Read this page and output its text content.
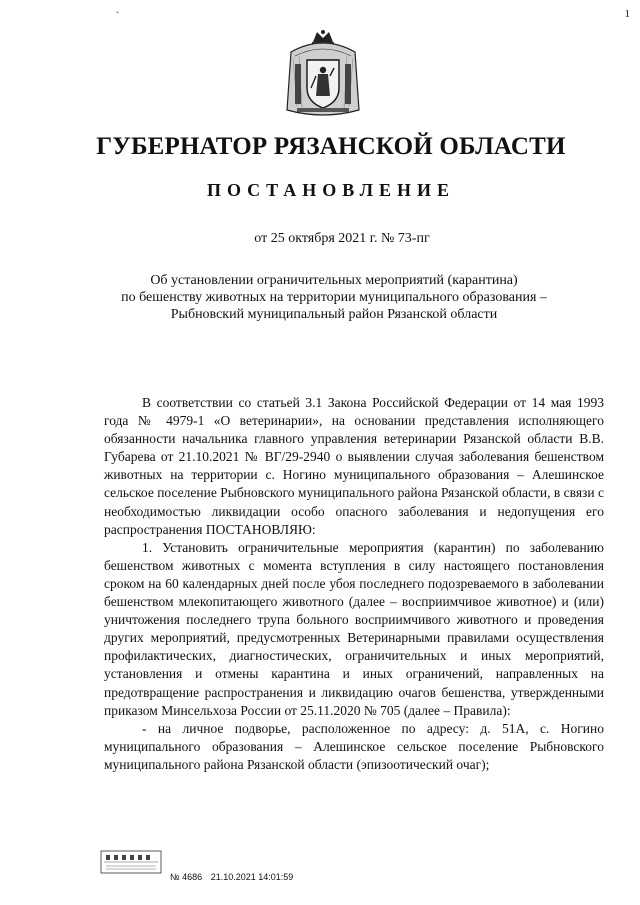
1
ˇ
ГУБЕРНАТОР РЯЗАНСКОЙ ОБЛАСТИ
ПОСТАНОВЛЕНИЕ
от 25 октября 2021 г. № 73-пг
Об установлении ограничительных мероприятий (карантина)
по бешенству животных на территории муниципального образования –
Рыбновский муниципальный район Рязанской области

В соответствии со статьей 3.1 Закона Российской Федерации от 14 мая 1993 года № 4979-1 «О ветеринарии», на основании представления исполняющего обязанности начальника главного управления ветеринарии Рязанской области В.В. Губарева от 21.10.2021 № ВГ/29-2940 о выявлении случая заболевания бешенством животных на территории с. Ногино муниципального образования – Алешинское сельское поселение Рыбновского муниципального района Рязанской области, в связи с необходимостью ликвидации особо опасного заболевания и недопущения его распространения ПОСТАНОВЛЯЮ:

1. Установить ограничительные мероприятия (карантин) по заболеванию бешенством животных с момента вступления в силу настоящего постановления сроком на 60 календарных дней после убоя последнего подозреваемого в заболевании бешенством млекопитающего животного (далее – восприимчивое животное) и (или) уничтожения последнего трупа больного восприимчивого животного и проведения других мероприятий, предусмотренных Ветеринарными правилами осуществления профилактических, диагностических, ограничительных и иных мероприятий, установления и отмены карантина и иных ограничений, направленных на предотвращение распространения и ликвидацию очагов бешенства, утвержденными приказом Минсельхоза России от 25.11.2020 № 705 (далее – Правила):

- на личное подворье, расположенное по адресу: д. 51А, с. Ногино муниципального образования – Алешинское сельское поселение Рыбновского муниципального района Рязанской области (эпизоотический очаг);

№ 4686 21.10.2021 14:01:59
